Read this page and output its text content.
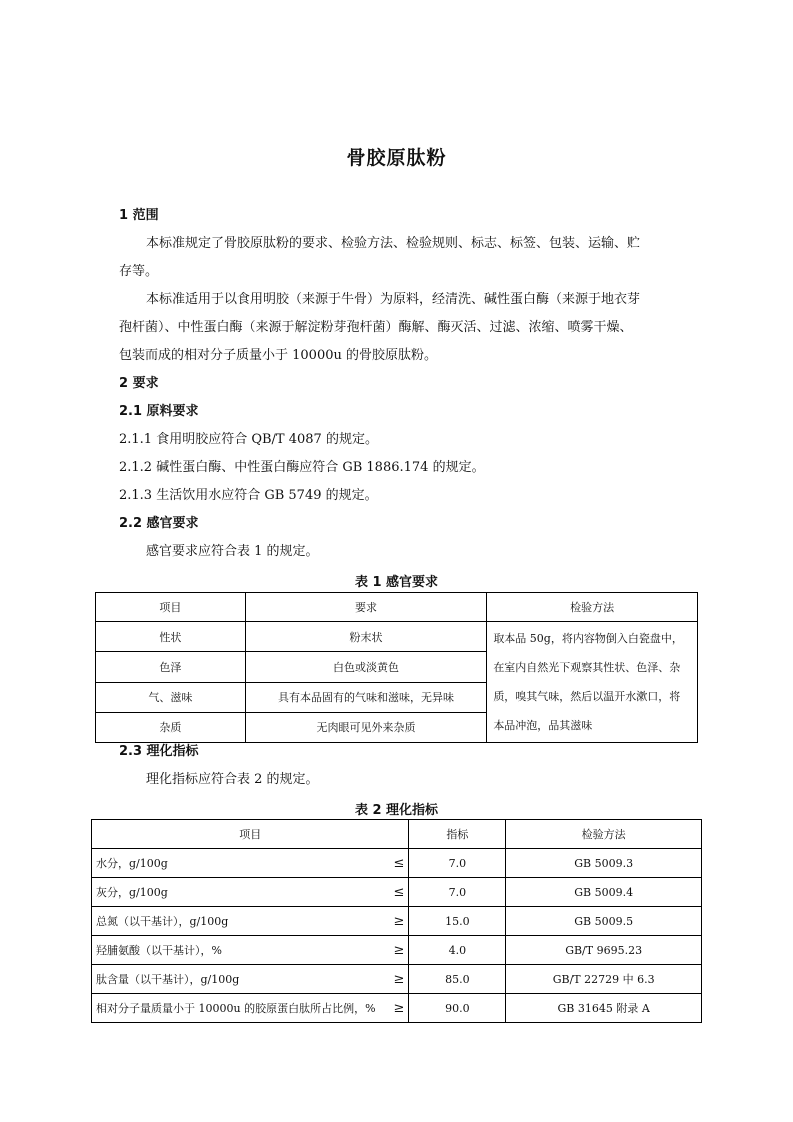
骨胶原肽粉
1 范围
本标准规定了骨胶原肽粉的要求、检验方法、检验规则、标志、标签、包装、运输、贮
存等。
本标准适用于以食用明胶（来源于牛骨）为原料，经清洗、碱性蛋白酶（来源于地衣芽
孢杆菌）、中性蛋白酶（来源于解淀粉芽孢杆菌）酶解、酶灭活、过滤、浓缩、喷雾干燥、
包装而成的相对分子质量小于 10000u 的骨胶原肽粉。
2 要求
2.1 原料要求
2.1.1 食用明胶应符合 QB/T 4087 的规定。
2.1.2 碱性蛋白酶、中性蛋白酶应符合 GB 1886.174 的规定。
2.1.3 生活饮用水应符合 GB 5749 的规定。
2.2 感官要求
感官要求应符合表 1 的规定。
表 1 感官要求
项目	要求	检验方法
性状	粉末状	取本品 50g，将内容物倒入白瓷盘中，
在室内自然光下观察其性状、色泽、杂
质，嗅其气味，然后以温开水漱口，将
本品冲泡，品其滋味

色泽	白色或淡黄色	
气、滋味	具有本品固有的气味和滋味，无异味	
杂质	无肉眼可见外来杂质	
2.3 理化指标
理化指标应符合表 2 的规定。
表 2 理化指标
项目	指标	检验方法

水分，g/100g ≤	7.0	GB 5009.3

灰分，g/100g ≤	7.0	GB 5009.4

总氮（以干基计），g/100g ≥	15.0	GB 5009.5

羟脯氨酸（以干基计），% ≥	4.0	GB/T 9695.23

肽含量（以干基计），g/100g ≥	85.0	GB/T 22729 中 6.3

相对分子量质量小于 10000u 的胶原蛋白肽所占比例，% ≥	90.0	GB 31645 附录 A
